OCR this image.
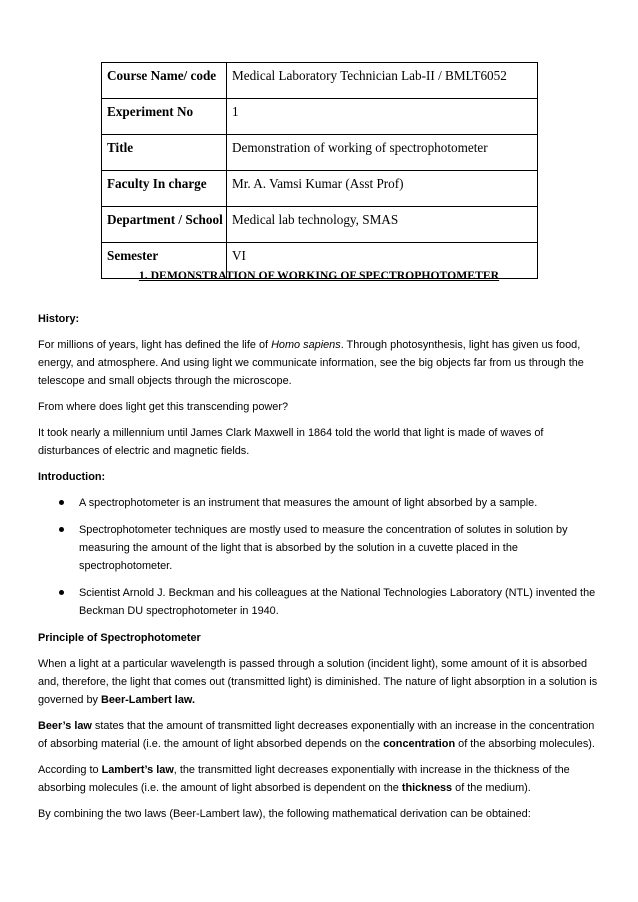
Course Name/ code	Medical Laboratory Technician Lab-II / BMLT6052
Experiment No	1
Title	Demonstration of working of spectrophotometer
Faculty In charge	Mr. A. Vamsi Kumar (Asst Prof)
Department / School	Medical lab technology, SMAS
Semester	VI
1. DEMONSTRATION OF WORKING OF SPECTROPHOTOMETER

History:

For millions of years, light has defined the life of Homo sapiens. Through photosynthesis, light has given us food, energy, and atmosphere. And using light we communicate information, see the big objects far from us through the telescope and small objects through the microscope.

From where does light get this transcending power?

It took nearly a millennium until James Clark Maxwell in 1864 told the world that light is made of waves of disturbances of electric and magnetic fields.

Introduction:

A spectrophotometer is an instrument that measures the amount of light absorbed by a sample.
Spectrophotometer techniques are mostly used to measure the concentration of solutes in solution by measuring the amount of the light that is absorbed by the solution in a cuvette placed in the spectrophotometer.
Scientist Arnold J. Beckman and his colleagues at the National Technologies Laboratory (NTL) invented the Beckman DU spectrophotometer in 1940.

Principle of Spectrophotometer

When a light at a particular wavelength is passed through a solution (incident light), some amount of it is absorbed and, therefore, the light that comes out (transmitted light) is diminished. The nature of light absorption in a solution is governed by Beer-Lambert law.

Beer’s law states that the amount of transmitted light decreases exponentially with an increase in the concentration of absorbing material (i.e. the amount of light absorbed depends on the concentration of the absorbing molecules).

According to Lambert’s law, the transmitted light decreases exponentially with increase in the thickness of the absorbing molecules (i.e. the amount of light absorbed is dependent on the thickness of the medium).

By combining the two laws (Beer-Lambert law), the following mathematical derivation can be obtained:
